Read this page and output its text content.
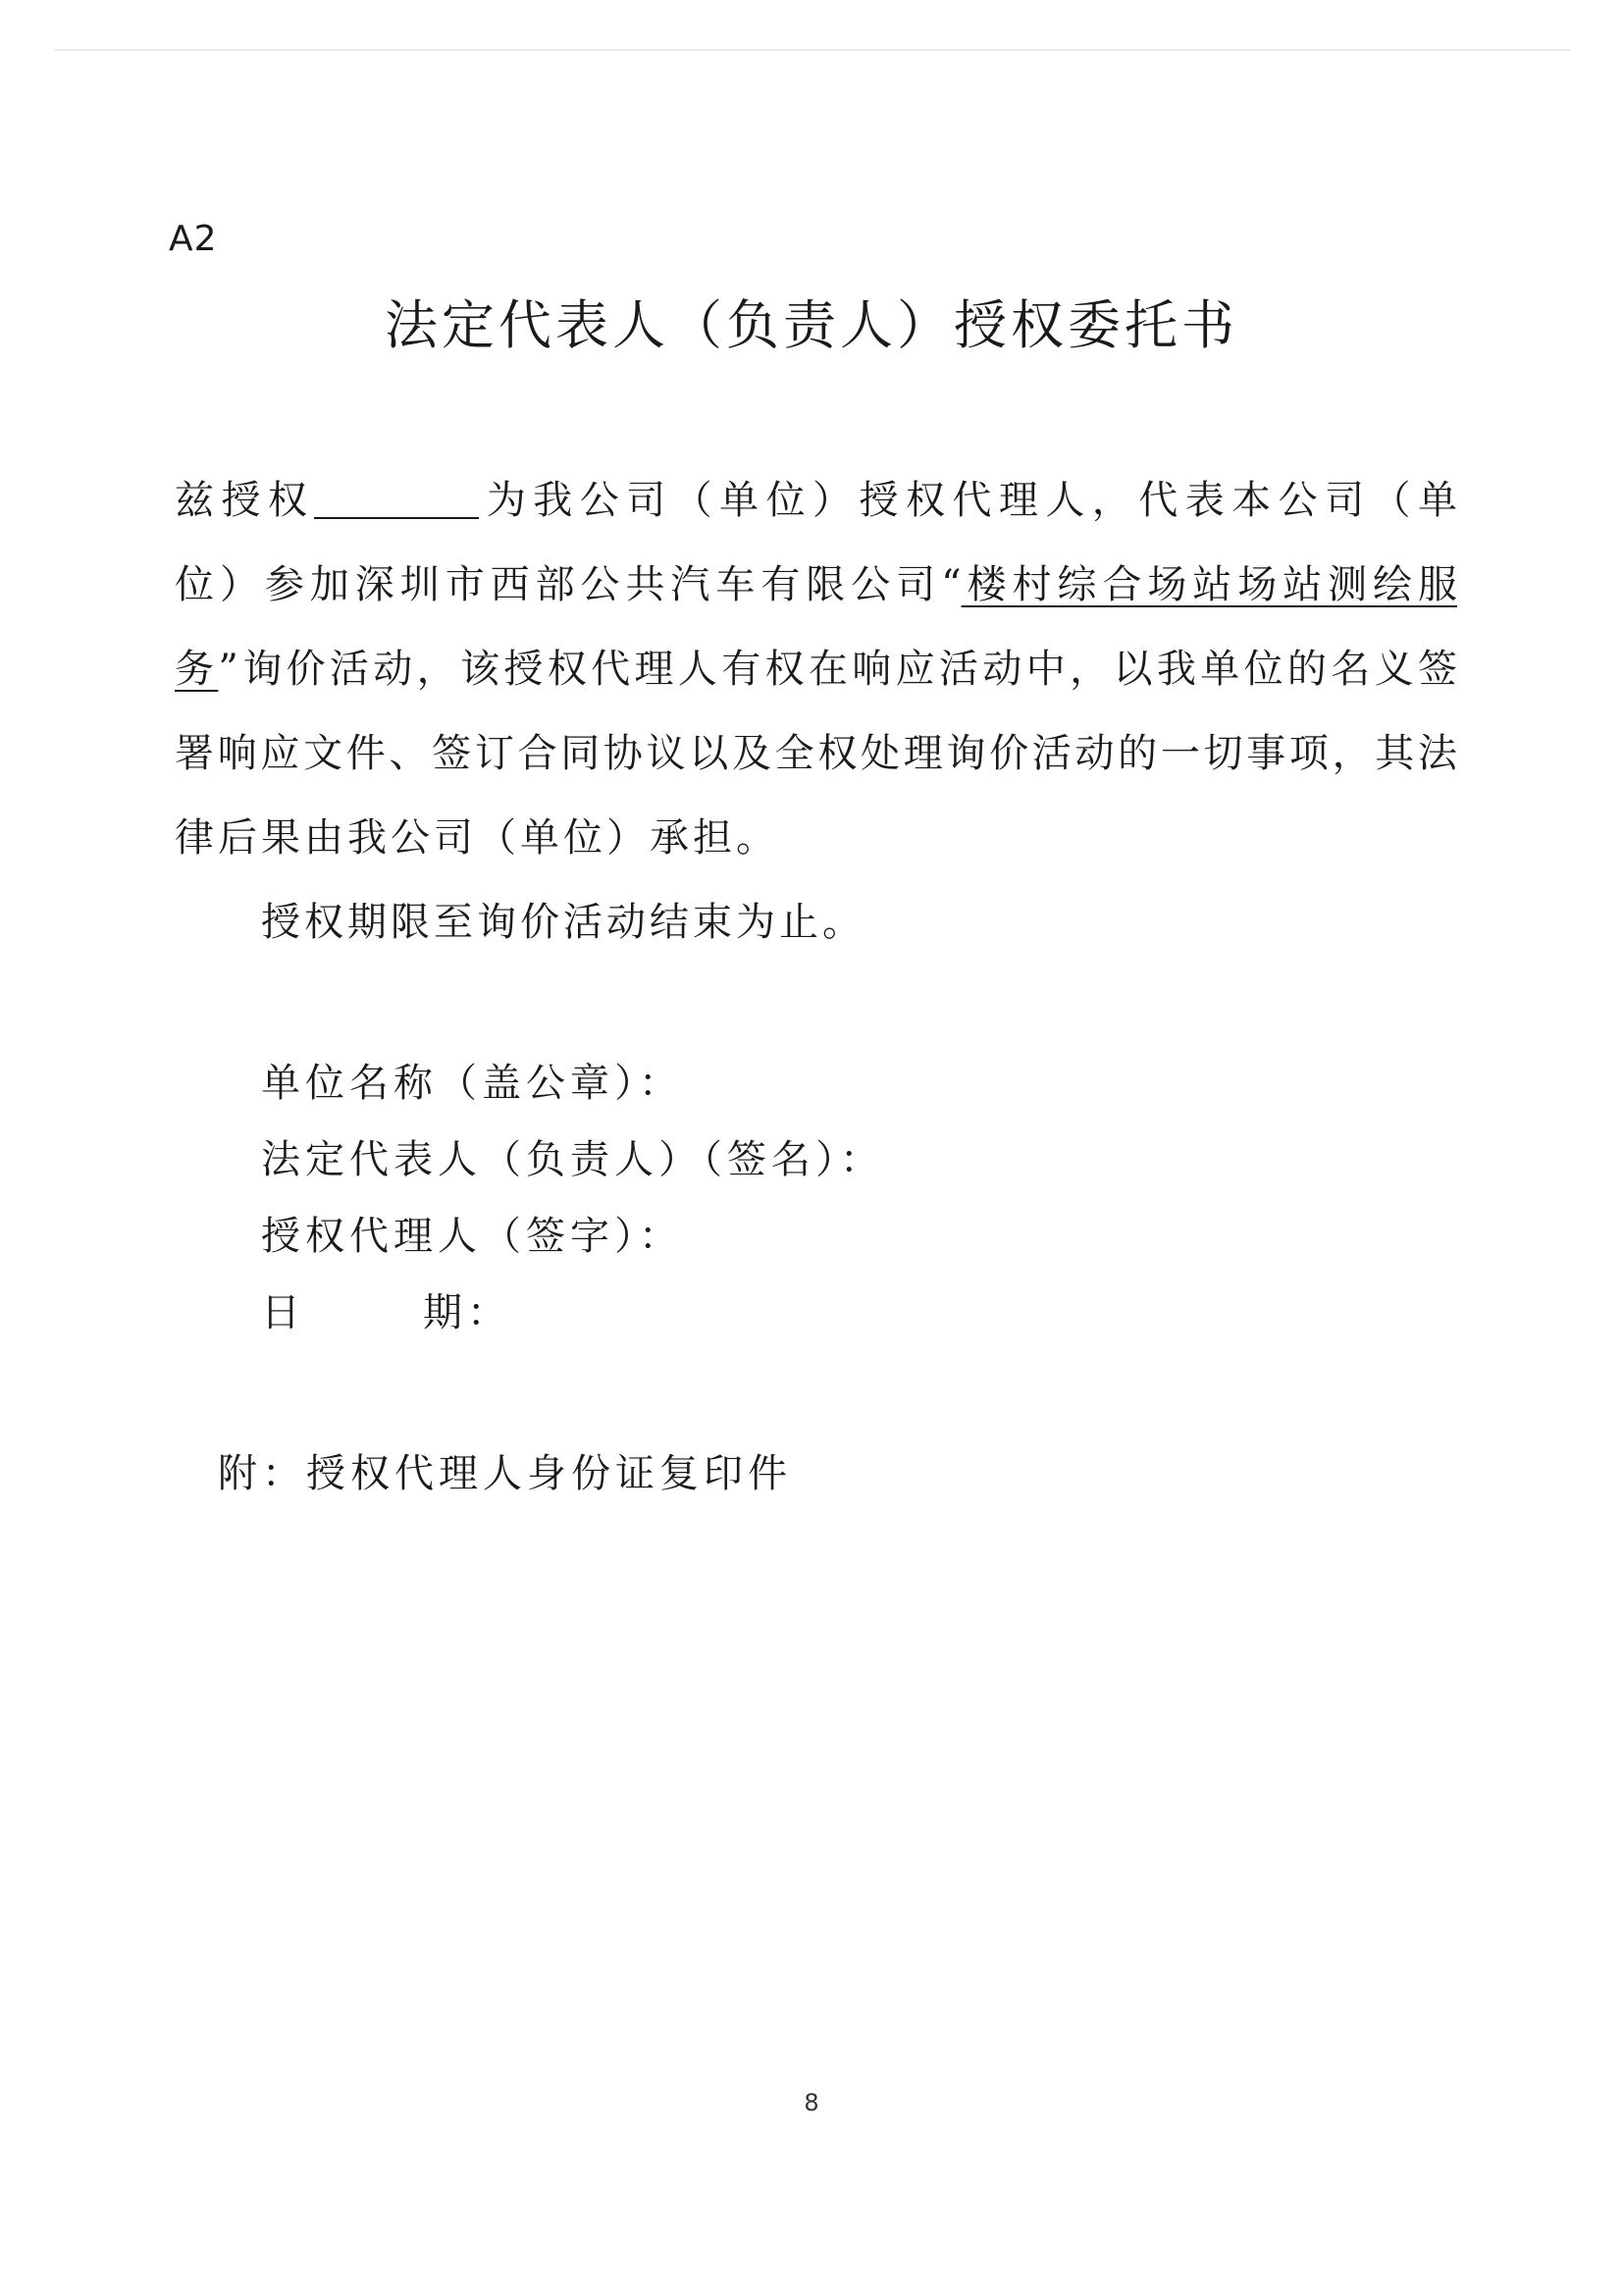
A2
法定代表人（负责人）授权委托书
兹授权	为我公司（单位）授权代理人，代表本公司（单
位）参加深圳市西部公共汽车有限公司“楼村综合场站场站测绘服
务”询价活动，该授权代理人有权在响应活动中，以我单位的名义签
署响应文件、签订合同协议以及全权处理询价活动的一切事项，其法
律后果由我公司（单位）承担。
授权期限至询价活动结束为止。
单位名称（盖公章）：
法定代表人（负责人）（签名）：
授权代理人（签字）：
日	期：
附：授权代理人身份证复印件
8
